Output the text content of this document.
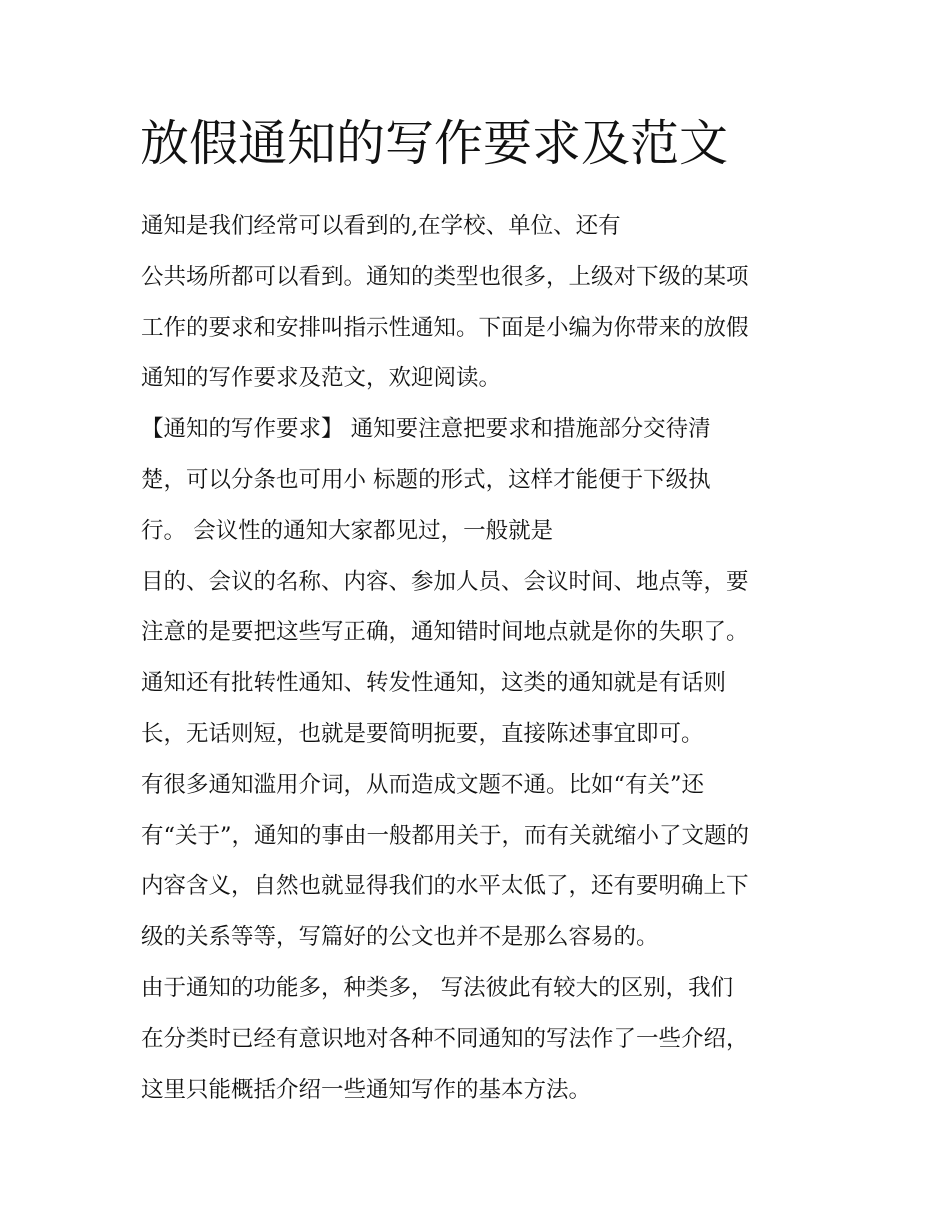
放假通知的写作要求及范文
通知是我们经常可以看到的,在学校、单位、还有
公共场所都可以看到。通知的类型也很多，上级对下级的某项
工作的要求和安排叫指示性通知。下面是小编为你带来的放假
通知的写作要求及范文，欢迎阅读。
【通知的写作要求】 通知要注意把要求和措施部分交待清
楚，可以分条也可用小 标题的形式，这样才能便于下级执
行。 会议性的通知大家都见过，一般就是
目的、会议的名称、内容、参加人员、会议时间、地点等，要
注意的是要把这些写正确，通知错时间地点就是你的失职了。
通知还有批转性通知、转发性通知，这类的通知就是有话则
长，无话则短，也就是要简明扼要，直接陈述事宜即可。
有很多通知滥用介词，从而造成文题不通。比如“有关”还
有“关于”，通知的事由一般都用关于，而有关就缩小了文题的
内容含义，自然也就显得我们的水平太低了，还有要明确上下
级的关系等等，写篇好的公文也并不是那么容易的。
由于通知的功能多，种类多， 写法彼此有较大的区别，我们
在分类时已经有意识地对各种不同通知的写法作了一些介绍，
这里只能概括介绍一些通知写作的基本方法。
